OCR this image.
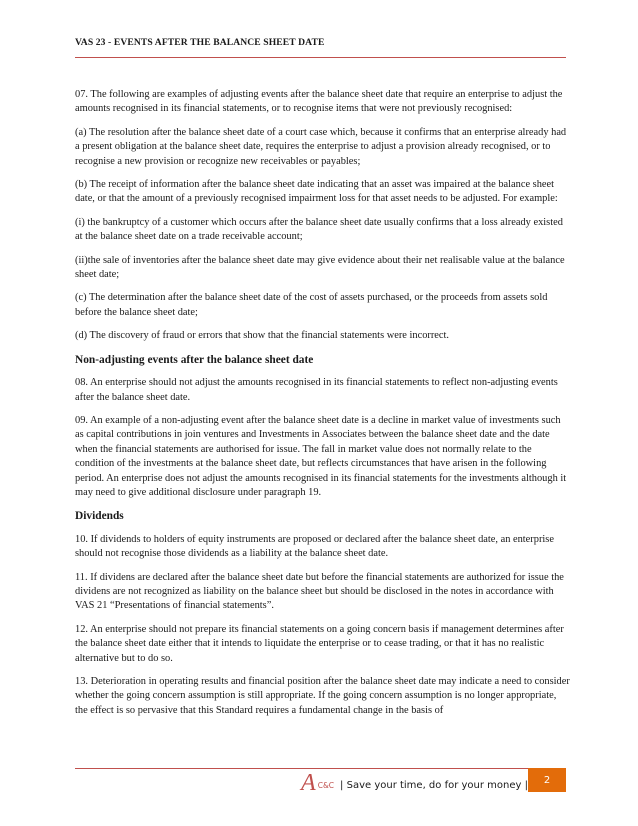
VAS 23 - EVENTS AFTER THE BALANCE SHEET DATE

07. The following are examples of adjusting events after the balance sheet date that require an enterprise to adjust the amounts recognised in its financial statements, or to recognise items that were not previously recognised:

(a) The resolution after the balance sheet date of a court case which, because it confirms that an enterprise already had a present obligation at the balance sheet date, requires the enterprise to adjust a provision already recognised, or to recognise a new provision or recognize new receivables or payables;

(b) The receipt of information after the balance sheet date indicating that an asset was impaired at the balance sheet date, or that the amount of a previously recognised impairment loss for that asset needs to be adjusted. For example:

(i) the bankruptcy of a customer which occurs after the balance sheet date usually confirms that a loss already existed at the balance sheet date on a trade receivable account;

(ii)the sale of inventories after the balance sheet date may give evidence about their net realisable value at the balance sheet date;

(c) The determination after the balance sheet date of the cost of assets purchased, or the proceeds from assets sold before the balance sheet date;

(d) The discovery of fraud or errors that show that the financial statements were incorrect.

Non-adjusting events after the balance sheet date

08. An enterprise should not adjust the amounts recognised in its financial statements to reflect non-adjusting events after the balance sheet date.

09. An example of a non-adjusting event after the balance sheet date is a decline in market value of investments such as capital contributions in join ventures and Investments in Associates between the balance sheet date and the date when the financial statements are authorised for issue. The fall in market value does not normally relate to the condition of the investments at the balance sheet date, but reflects circumstances that have arisen in the following period. An enterprise does not adjust the amounts recognised in its financial statements for the investments although it may need to give additional disclosure under paragraph 19.

Dividends

10. If dividends to holders of equity instruments are proposed or declared after the balance sheet date, an enterprise should not recognise those dividends as a liability at the balance sheet date.

11. If dividens are declared after the balance sheet date but before the financial statements are authorized for issue the dividens are not recognized as liability on the balance sheet but should be disclosed in the notes in accordance with VAS 21 “Presentations of financial statements”.

12. An enterprise should not prepare its financial statements on a going concern basis if management determines after the balance sheet date either that it intends to liquidate the enterprise or to cease trading, or that it has no realistic alternative but to do so.

13. Deterioration in operating results and financial position after the balance sheet date may indicate a need to consider whether the going concern assumption is still appropriate. If the going concern assumption is no longer appropriate, the effect is so pervasive that this Standard requires a fundamental change in the basis of

A C&C | Save your time, do for your money |	2
